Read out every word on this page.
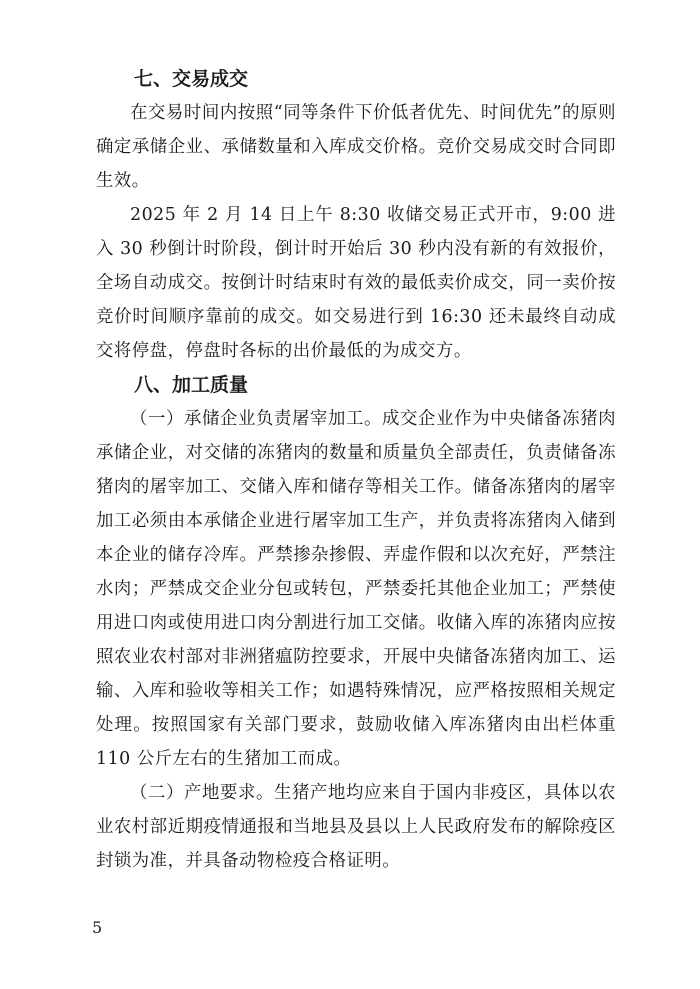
七、交易成交

在交易时间内按照“同等条件下价低者优先、时间优先”的原则确定承储企业、承储数量和入库成交价格。竞价交易成交时合同即生效。

2025 年 2 月 14 日上午 8:30 收储交易正式开市，9:00 进入 30 秒倒计时阶段，倒计时开始后 30 秒内没有新的有效报价，全场自动成交。按倒计时结束时有效的最低卖价成交，同一卖价按竞价时间顺序靠前的成交。如交易进行到 16:30 还未最终自动成交将停盘，停盘时各标的出价最低的为成交方。

八、加工质量

（一）承储企业负责屠宰加工。成交企业作为中央储备冻猪肉承储企业，对交储的冻猪肉的数量和质量负全部责任，负责储备冻猪肉的屠宰加工、交储入库和储存等相关工作。储备冻猪肉的屠宰加工必须由本承储企业进行屠宰加工生产，并负责将冻猪肉入储到本企业的储存冷库。严禁掺杂掺假、弄虚作假和以次充好，严禁注水肉；严禁成交企业分包或转包，严禁委托其他企业加工；严禁使用进口肉或使用进口肉分割进行加工交储。收储入库的冻猪肉应按照农业农村部对非洲猪瘟防控要求，开展中央储备冻猪肉加工、运输、入库和验收等相关工作；如遇特殊情况，应严格按照相关规定处理。按照国家有关部门要求，鼓励收储入库冻猪肉由出栏体重 110 公斤左右的生猪加工而成。

（二）产地要求。生猪产地均应来自于国内非疫区，具体以农业农村部近期疫情通报和当地县及县以上人民政府发布的解除疫区封锁为准，并具备动物检疫合格证明。

5
